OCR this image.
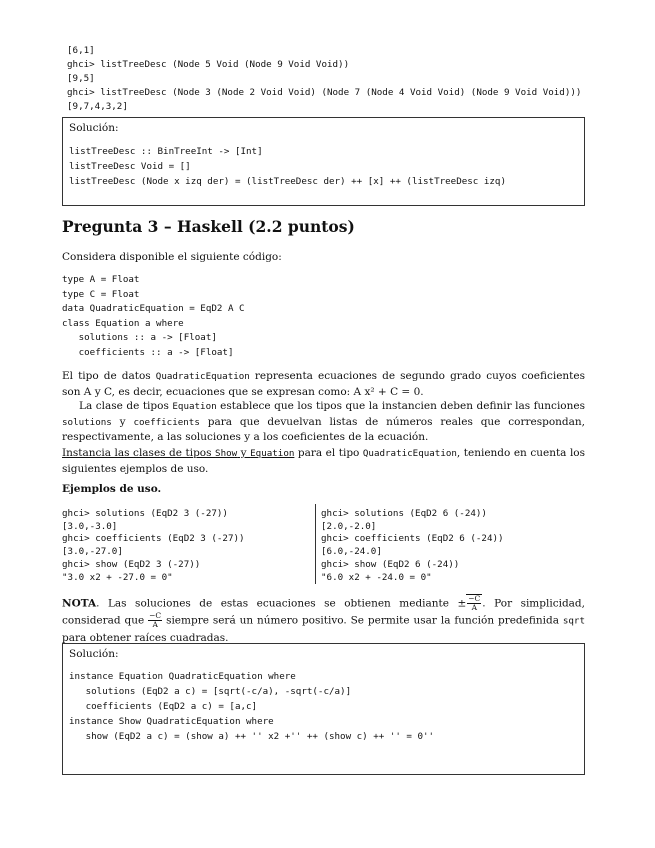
[6,1]
ghci> listTreeDesc (Node 5 Void (Node 9 Void Void))
[9,5]
ghci> listTreeDesc (Node 3 (Node 2 Void Void) (Node 7 (Node 4 Void Void) (Node 9 Void Void)))
[9,7,4,3,2]
Solución:
listTreeDesc :: BinTreeInt -> [Int]
listTreeDesc Void = []
listTreeDesc (Node x izq der) = (listTreeDesc der) ++ [x] ++ (listTreeDesc izq)
Pregunta 3 – Haskell (2.2 puntos)
Considera disponible el siguiente código:
type A = Float
type C = Float
data QuadraticEquation = EqD2 A C
class Equation a where
solutions :: a -> [Float]
coefficients :: a -> [Float]
El tipo de datos QuadraticEquation representa ecuaciones de segundo grado cuyos coeficientes son A y C, es decir, ecuaciones que se expresan como: A x² + C = 0.
La clase de tipos Equation establece que los tipos que la instancien deben definir las funciones solutions y coefficients para que devuelvan listas de números reales que correspondan, respectivamente, a las soluciones y a los coeficientes de la ecuación.
Instancia las clases de tipos Show y Equation para el tipo QuadraticEquation, teniendo en cuenta los siguientes ejemplos de uso.
Ejemplos de uso.
ghci> solutions (EqD2 3 (-27))
[3.0,-3.0]
ghci> coefficients (EqD2 3 (-27))
[3.0,-27.0]
ghci> show (EqD2 3 (-27))
"3.0 x2 + -27.0 = 0"
ghci> solutions (EqD2 6 (-24))
[2.0,-2.0]
ghci> coefficients (EqD2 6 (-24))
[6.0,-24.0]
ghci> show (EqD2 6 (-24))
"6.0 x2 + -24.0 = 0"
NOTA. Las soluciones de estas ecuaciones se obtienen mediante ± $\frac{-C}{A}$ . Por simplicidad, considerad que $\frac{-C}{A}$ siempre será un número positivo. Se permite usar la función predefinida sqrt para obtener raíces cuadradas.
Solución:
instance Equation QuadraticEquation where
solutions (EqD2 a c) = [sqrt(-c/a), -sqrt(-c/a)]
coefficients (EqD2 a c) = [a,c]
instance Show QuadraticEquation where
show (EqD2 a c) = (show a) ++ '' x2 +'' ++ (show c) ++ '' = 0''
